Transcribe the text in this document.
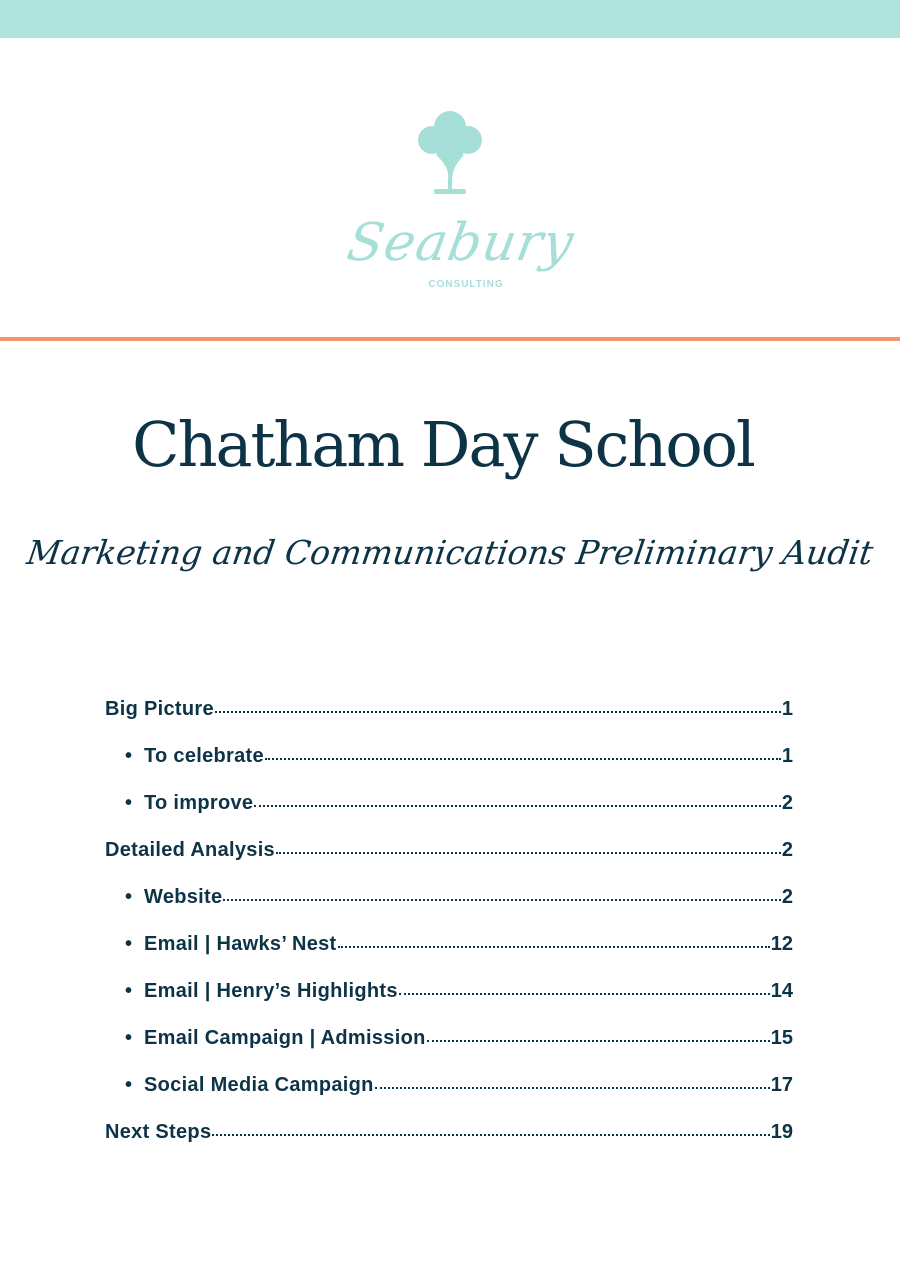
Seabury
CONSULTING
Chatham Day School
Marketing and Communications Preliminary Audit
Big Picture	1
• To celebrate	1
• To improve	2
Detailed Analysis	2
• Website	2
• Email | Hawks’ Nest	12
• Email | Henry’s Highlights	14
• Email Campaign | Admission	15
• Social Media Campaign	17
Next Steps	19
